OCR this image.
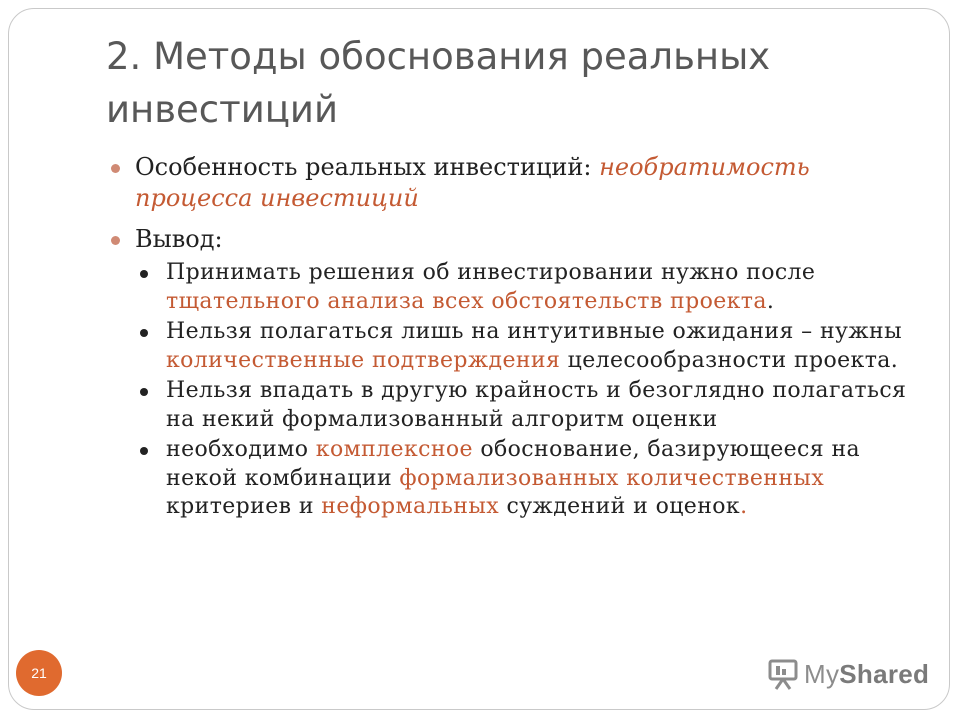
2. Методы обоснования реальных инвестиций
Особенность реальных инвестиций: необратимость процесса инвестиций
Вывод:
Принимать решения об инвестировании нужно после тщательного анализа всех обстоятельств проекта.
Нельзя полагаться лишь на интуитивные ожидания – нужны количественные подтверждения целесообразности проекта.
Нельзя впадать в другую крайность и безоглядно полагаться на некий формализованный алгоритм оценки
необходимо комплексное обоснование, базирующееся на некой комбинации формализованных количественных критериев и неформальных суждений и оценок.
21	MyShared
